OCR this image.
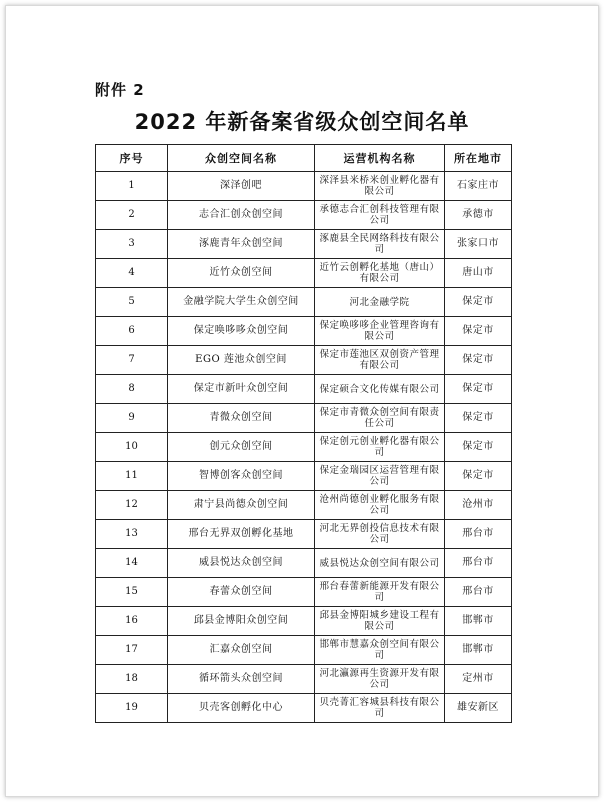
附件 2
2022 年新备案省级众创空间名单
序号	众创空间名称	运营机构名称	所在地市
1	深泽创吧	深泽县米桥米创业孵化器有限公司	石家庄市
2	志合汇创众创空间	承德志合汇创科技管理有限公司	承德市
3	涿鹿青年众创空间	涿鹿县全民网络科技有限公司	张家口市
4	近竹众创空间	近竹云创孵化基地（唐山）有限公司	唐山市
5	金融学院大学生众创空间	河北金融学院	保定市
6	保定唤哆哆众创空间	保定唤哆哆企业管理咨询有限公司	保定市
7	EGO 莲池众创空间	保定市莲池区双创资产管理有限公司	保定市
8	保定市新叶众创空间	保定硕合文化传媒有限公司	保定市
9	青微众创空间	保定市青微众创空间有限责任公司	保定市
10	创元众创空间	保定创元创业孵化器有限公司	保定市
11	智博创客众创空间	保定金瑞园区运营管理有限公司	保定市
12	肃宁县尚德众创空间	沧州尚德创业孵化服务有限公司	沧州市
13	邢台无界双创孵化基地	河北无界创投信息技术有限公司	邢台市
14	威县悦达众创空间	威县悦达众创空间有限公司	邢台市
15	春蕾众创空间	邢台春蕾新能源开发有限公司	邢台市
16	邱县金博阳众创空间	邱县金博阳城乡建设工程有限公司	邯郸市
17	汇嘉众创空间	邯郸市慧嘉众创空间有限公司	邯郸市
18	循环箭头众创空间	河北瀛源再生资源开发有限公司	定州市
19	贝壳客创孵化中心	贝壳菁汇容城县科技有限公司	雄安新区
